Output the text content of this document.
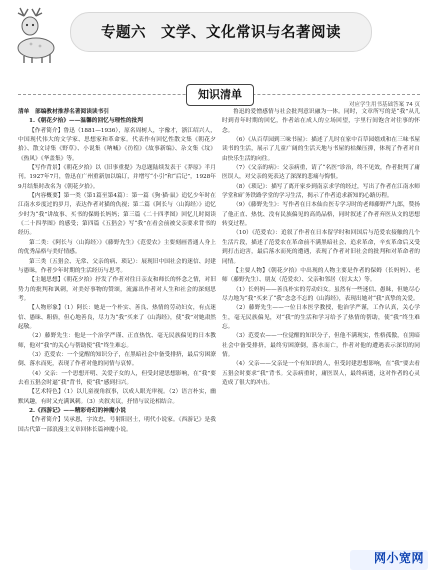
专题六　文学、文化常识与名著阅读
知识清单
对应学生用书基础答案 74 页

清单　部编教材推荐名著阅读读书引

1.《朝花夕拾》——温馨的回忆与理性的批判

【作者简介】鲁迅（1881—1936），原名周树人，字豫才，浙江绍兴人，中国现代伟大的文学家、思想家和革命家。代表作有回忆性散文集《朝花夕拾》、散文诗集《野草》、小说集《呐喊》《彷徨》《故事新编》、杂文集《坟》《热风》《华盖集》等。

【写作背景】《朝花夕拾》以《旧事重提》为总题陆续发表于《莽原》半月刊。1927年7月，鲁迅在广州重新加以编订，并增写“小引”和“后记”，1928年9月结集时改名为《朝花夕拾》。

【内容概要】第一类（第1篇至第4篇）：第一篇《狗·猫·鼠》追忆少年时在江南水乡度过的岁月，表达作者对猫的仇视；第二篇《阿长与〈山海经〉》追忆少时为“我”讲故事、买书的保姆长妈妈；第三篇《二十四孝图》回忆儿时阅读《二十四孝图》的感受；第四篇《五猖会》写“我”在看会前被父亲要求背书的经历。

第二类：《阿长与〈山海经〉》《藤野先生》《范爱农》主要刻画普通人身上的优秀品格与美好情感。

第三类（五猖会、无常、父亲的病、琐记）：展现旧中国社会的迷信、封建与愚昧，作者少年时期的生活经历与思考。

【主题思想】《朝花夕拾》抒发了作者对往日亲友和师长的怀念之情，对旧势力的批判和讽刺，对美好事物的赞颂，流露出作者对人生和社会的深刻思考。

【人物形象】（1）阿长：她是一个朴实、善良、热情的劳动妇女，有点迷信、愚昧、粗俗，但心地善良，尽力为“我”买来了《山海经》，使“我”对她肃然起敬。

（2）藤野先生：他是一个治学严谨、正直热忱、毫无民族偏见的日本教师，他对“我”的关心与帮助使“我”终生难忘。

（3）范爱农：一个觉醒的知识分子，在黑暗社会中备受排挤，最后穷困潦倒、落水而死，表现了作者对他的同情与哀悼。

（4）父亲：一个思想开明、关爱子女的人，但受封建思想影响，在“我”要去看五猖会时逼“我”背书，使“我”感到扫兴。

【艺术特色】（1）以儿童视角叙事，以成人眼光审视。（2）语言朴实，幽默风趣，有时又充满讽刺。（3）夹叙夹议，抒情与议论相结合。

2.《西游记》——精彩奇幻的神魔小说

【作者简介】吴承恩，字汝忠，号射阳居士，明代小说家。《西游记》是我国古代第一部浪漫主义章回体长篇神魔小说。

鲁迅的爱憎感情与社会批判意识融为一体。同时，文章所写的是“我”从儿时到青年时期的回忆，作者站在成人的立场回望，字里行间饱含对往事的怀念。

（6）《从百草园到三味书屋》：描述了儿时在家中百草园嬉戏和在三味书屋读书的生活，展示了儿童广阔的生活天地与书屋的枯燥压抑，体现了作者对自由快乐生活的向往。

（7）《父亲的病》：父亲病重，请了“名医”诊治，终不见效，作者批判了庸医误人，对父亲的死表达了深深的悲痛与悔恨。

（8）《琐记》：描写了离开家乡到南京求学的经过，写出了作者在江南水师学堂和矿务铁路学堂的学习生活，揭示了作者追求新知的心路历程。

（9）《藤野先生》：写作者在日本仙台医专学习时的老师藤野严九郎，赞扬了他正直、热忱、没有民族偏见的高尚品格，同时叙述了作者弃医从文的思想转变过程。

（10）《范爱农》：追叙了作者在日本留学时和回国后与范爱农接触的几个生活片段，描述了范爱农在革命前不满黑暗社会、追求革命，辛亥革命后又受到打击迫害，最后落水而死的遭遇，表现了作者对旧社会的批判和对革命者的同情。

【主要人物】《朝花夕拾》中出现的人物主要是作者的保姆（长妈妈）、老师（藤野先生）、朋友（范爱农）、父亲和邻居（衍太太）等。

（1）长妈妈——善良朴实的劳动妇女。虽然有一些迷信、愚昧，但她尽心尽力地为“我”买来了“我”念念不忘的《山海经》，表现出她对“我”真挚的关爱。

（2）藤野先生——一位日本医学教授，他治学严谨，工作认真，关心学生，毫无民族偏见，对“我”的生活和学习给予了热情的帮助，使“我”终生难忘。

（3）范爱农——一位觉醒的知识分子，但他不满现实，性格孤傲，在黑暗社会中备受排挤，最终穷困潦倒，落水而亡，作者对他的遭遇表示深切的同情。

（4）父亲——父亲是一个有知识的人，但受封建思想影响，在“我”要去看五猖会时要求“我”背书。父亲病重时，庸医误人，最终病逝，这对作者的心灵造成了很大的冲击。

网小宽网
